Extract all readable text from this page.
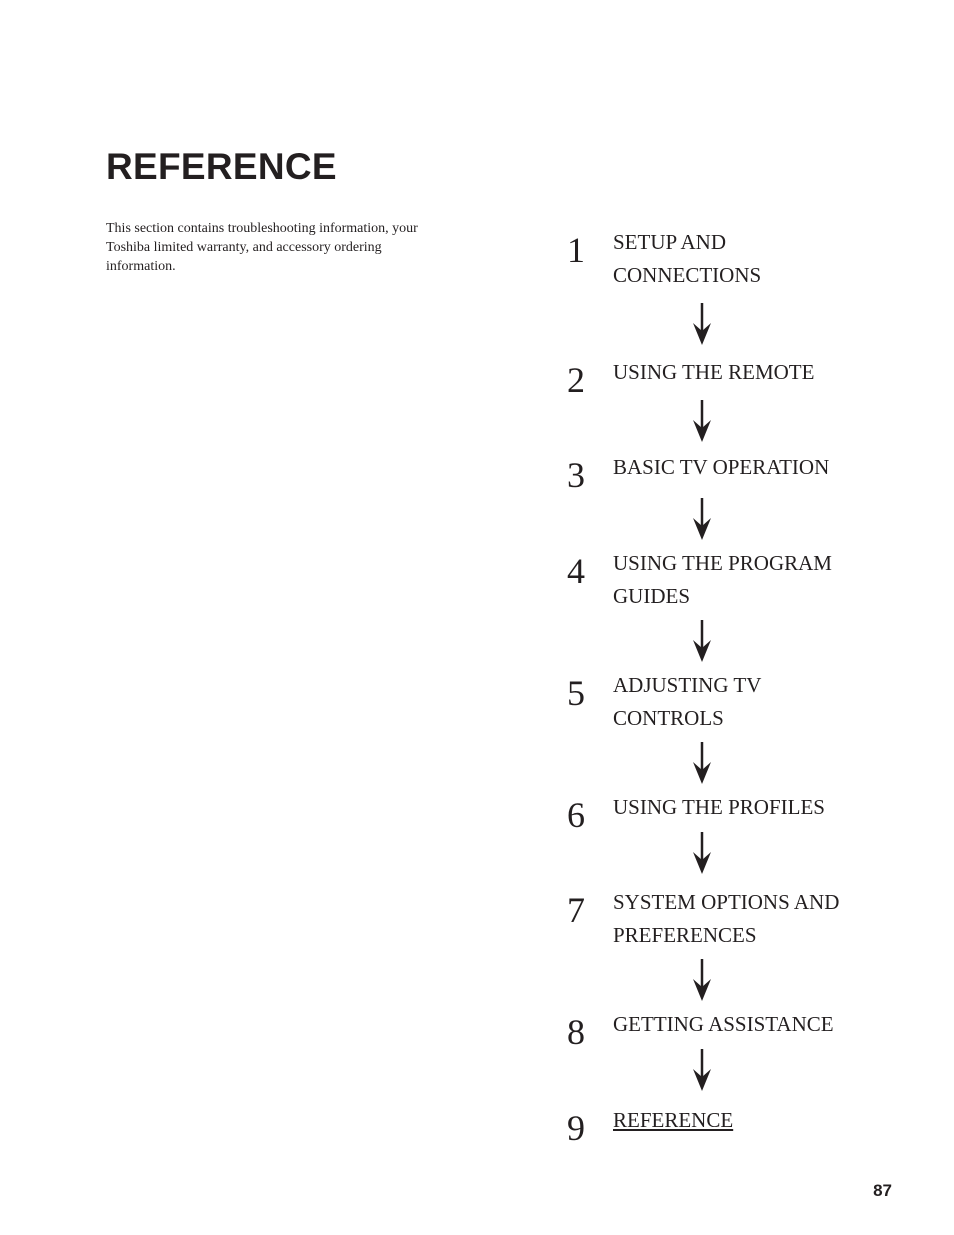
REFERENCE

This section contains troubleshooting information, your Toshiba limited warranty, and accessory ordering information.	1 SETUP AND CONNECTIONS
2 USING THE REMOTE
3 BASIC TV OPERATION
4 USING THE PROGRAM GUIDES
5 ADJUSTING TV CONTROLS
6 USING THE PROFILES
7 SYSTEM OPTIONS AND PREFERENCES
8 GETTING ASSISTANCE
9 REFERENCE
87
